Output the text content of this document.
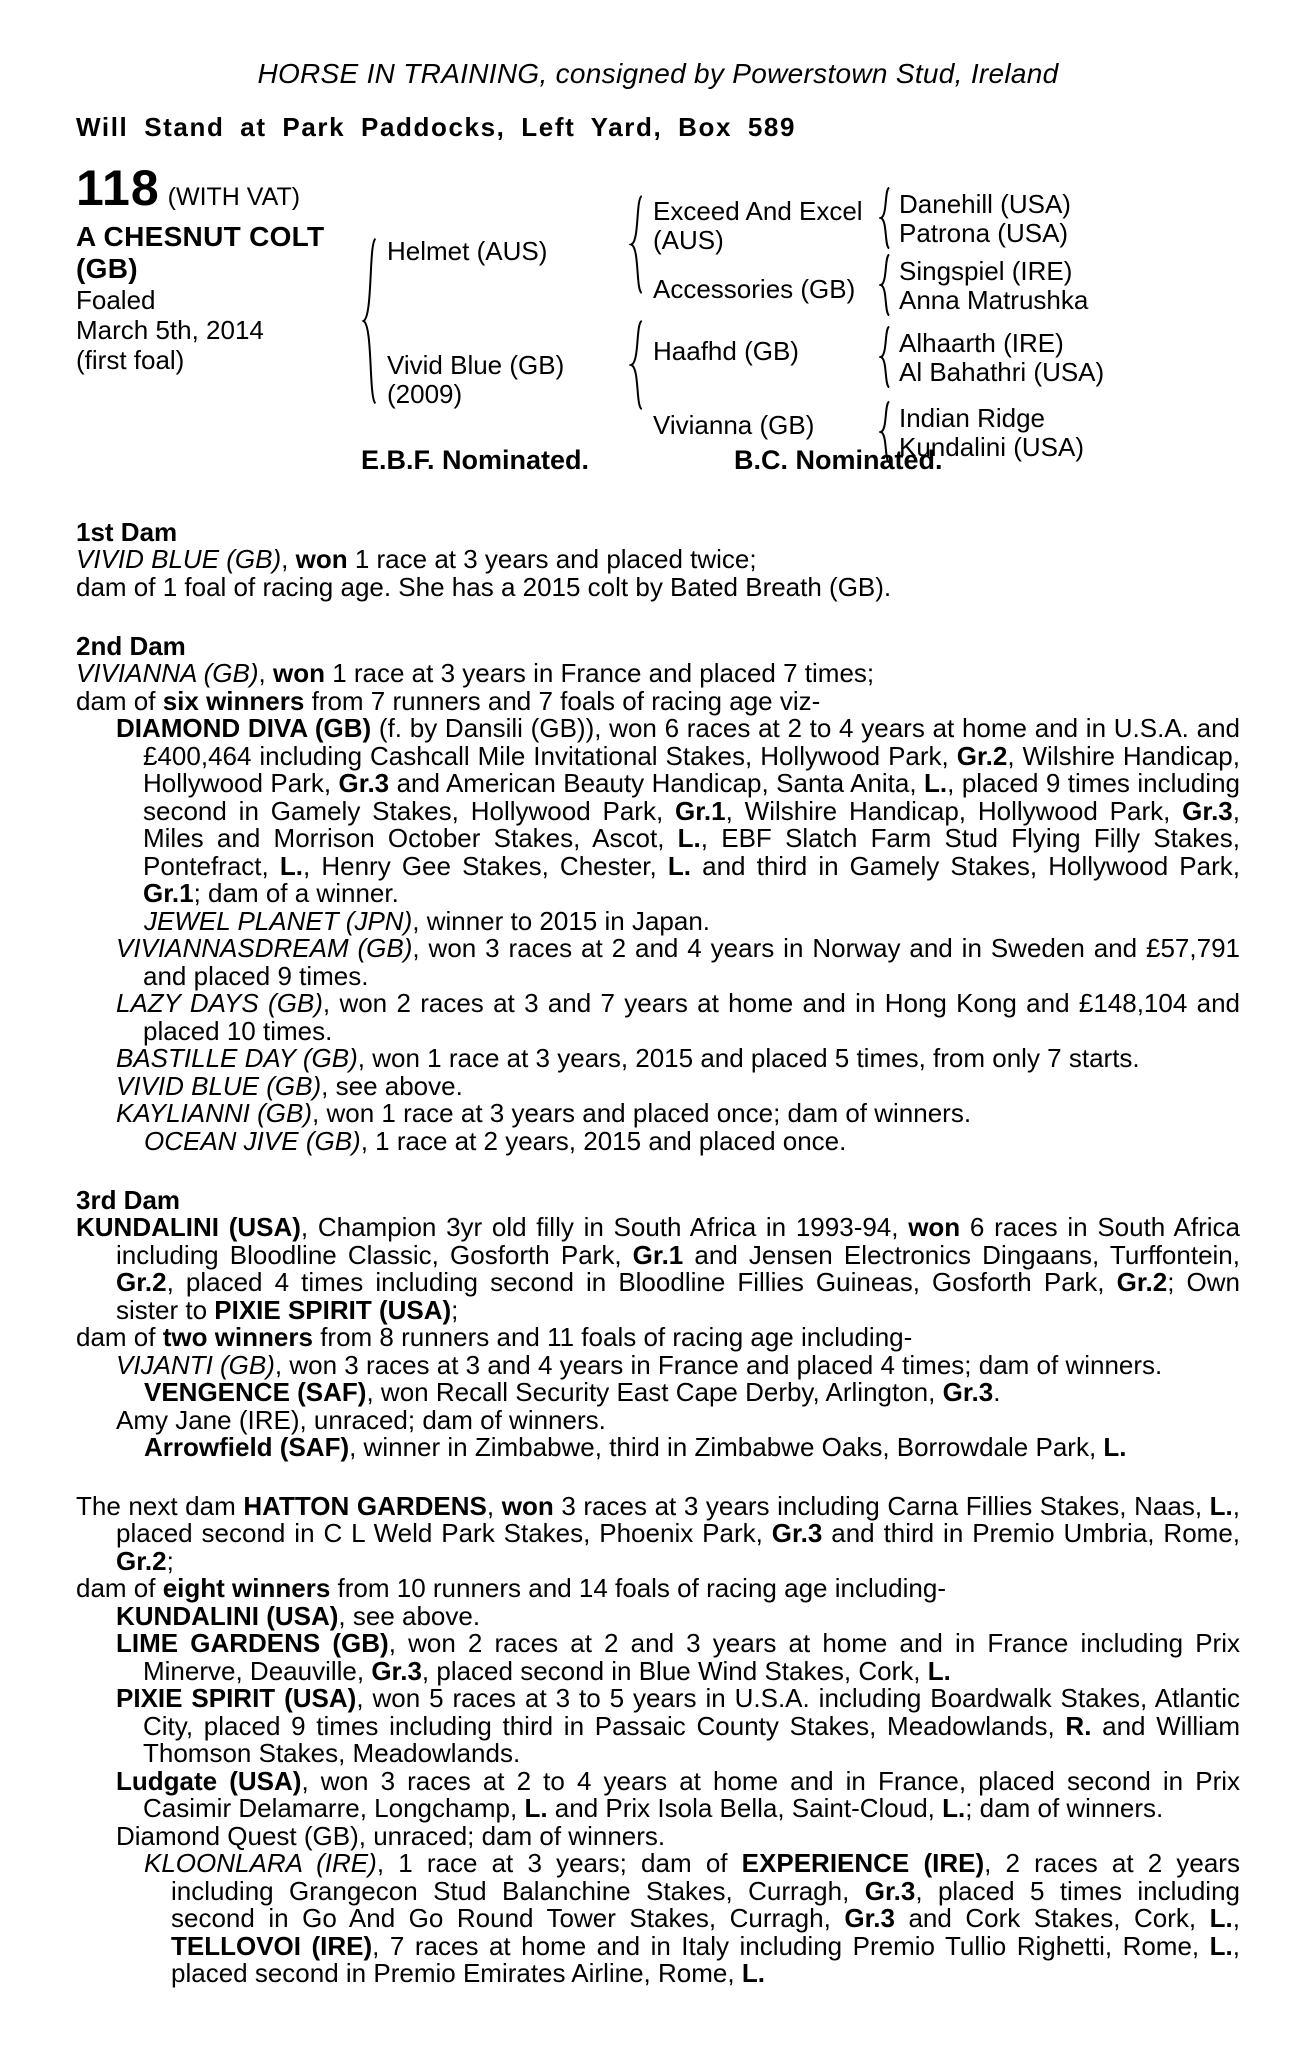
HORSE IN TRAINING, consigned by Powerstown Stud, Ireland
Will Stand at Park Paddocks, Left Yard, Box 589
118 (WITH VAT)
A CHESNUT COLT (GB)
Foaled
March 5th, 2014
(first foal)
Helmet (AUS)
Vivid Blue (GB)
(2009)
Exceed And Excel (AUS)
Accessories (GB)
Haafhd (GB)
Vivianna (GB)
Danehill (USA)
Patrona (USA)
Singspiel (IRE)
Anna Matrushka
Alhaarth (IRE)
Al Bahathri (USA)
Indian Ridge
Kundalini (USA)
E.B.F. Nominated.	B.C. Nominated.
1st Dam

VIVID BLUE (GB), won 1 race at 3 years and placed twice;

dam of 1 foal of racing age. She has a 2015 colt by Bated Breath (GB).

2nd Dam

VIVIANNA (GB), won 1 race at 3 years in France and placed 7 times;

dam of six winners from 7 runners and 7 foals of racing age viz-

DIAMOND DIVA (GB) (f. by Dansili (GB)), won 6 races at 2 to 4 years at home and in U.S.A. and £400,464 including Cashcall Mile Invitational Stakes, Hollywood Park, Gr.2, Wilshire Handicap, Hollywood Park, Gr.3 and American Beauty Handicap, Santa Anita, L., placed 9 times including second in Gamely Stakes, Hollywood Park, Gr.1, Wilshire Handicap, Hollywood Park, Gr.3, Miles and Morrison October Stakes, Ascot, L., EBF Slatch Farm Stud Flying Filly Stakes, Pontefract, L., Henry Gee Stakes, Chester, L. and third in Gamely Stakes, Hollywood Park, Gr.1; dam of a winner.

JEWEL PLANET (JPN), winner to 2015 in Japan.

VIVIANNASDREAM (GB), won 3 races at 2 and 4 years in Norway and in Sweden and £57,791 and placed 9 times.

LAZY DAYS (GB), won 2 races at 3 and 7 years at home and in Hong Kong and £148,104 and placed 10 times.

BASTILLE DAY (GB), won 1 race at 3 years, 2015 and placed 5 times, from only 7 starts.

VIVID BLUE (GB), see above.

KAYLIANNI (GB), won 1 race at 3 years and placed once; dam of winners.

OCEAN JIVE (GB), 1 race at 2 years, 2015 and placed once.

3rd Dam

KUNDALINI (USA), Champion 3yr old filly in South Africa in 1993-94, won 6 races in South Africa including Bloodline Classic, Gosforth Park, Gr.1 and Jensen Electronics Dingaans, Turffontein, Gr.2, placed 4 times including second in Bloodline Fillies Guineas, Gosforth Park, Gr.2; Own sister to PIXIE SPIRIT (USA);

dam of two winners from 8 runners and 11 foals of racing age including-

VIJANTI (GB), won 3 races at 3 and 4 years in France and placed 4 times; dam of winners.

VENGENCE (SAF), won Recall Security East Cape Derby, Arlington, Gr.3.

Amy Jane (IRE), unraced; dam of winners.

Arrowfield (SAF), winner in Zimbabwe, third in Zimbabwe Oaks, Borrowdale Park, L.

The next dam HATTON GARDENS, won 3 races at 3 years including Carna Fillies Stakes, Naas, L., placed second in C L Weld Park Stakes, Phoenix Park, Gr.3 and third in Premio Umbria, Rome, Gr.2;

dam of eight winners from 10 runners and 14 foals of racing age including-

KUNDALINI (USA), see above.

LIME GARDENS (GB), won 2 races at 2 and 3 years at home and in France including Prix Minerve, Deauville, Gr.3, placed second in Blue Wind Stakes, Cork, L.

PIXIE SPIRIT (USA), won 5 races at 3 to 5 years in U.S.A. including Boardwalk Stakes, Atlantic City, placed 9 times including third in Passaic County Stakes, Meadowlands, R. and William Thomson Stakes, Meadowlands.

Ludgate (USA), won 3 races at 2 to 4 years at home and in France, placed second in Prix Casimir Delamarre, Longchamp, L. and Prix Isola Bella, Saint-Cloud, L.; dam of winners.

Diamond Quest (GB), unraced; dam of winners.

KLOONLARA (IRE), 1 race at 3 years; dam of EXPERIENCE (IRE), 2 races at 2 years including Grangecon Stud Balanchine Stakes, Curragh, Gr.3, placed 5 times including second in Go And Go Round Tower Stakes, Curragh, Gr.3 and Cork Stakes, Cork, L., TELLOVOI (IRE), 7 races at home and in Italy including Premio Tullio Righetti, Rome, L., placed second in Premio Emirates Airline, Rome, L.
